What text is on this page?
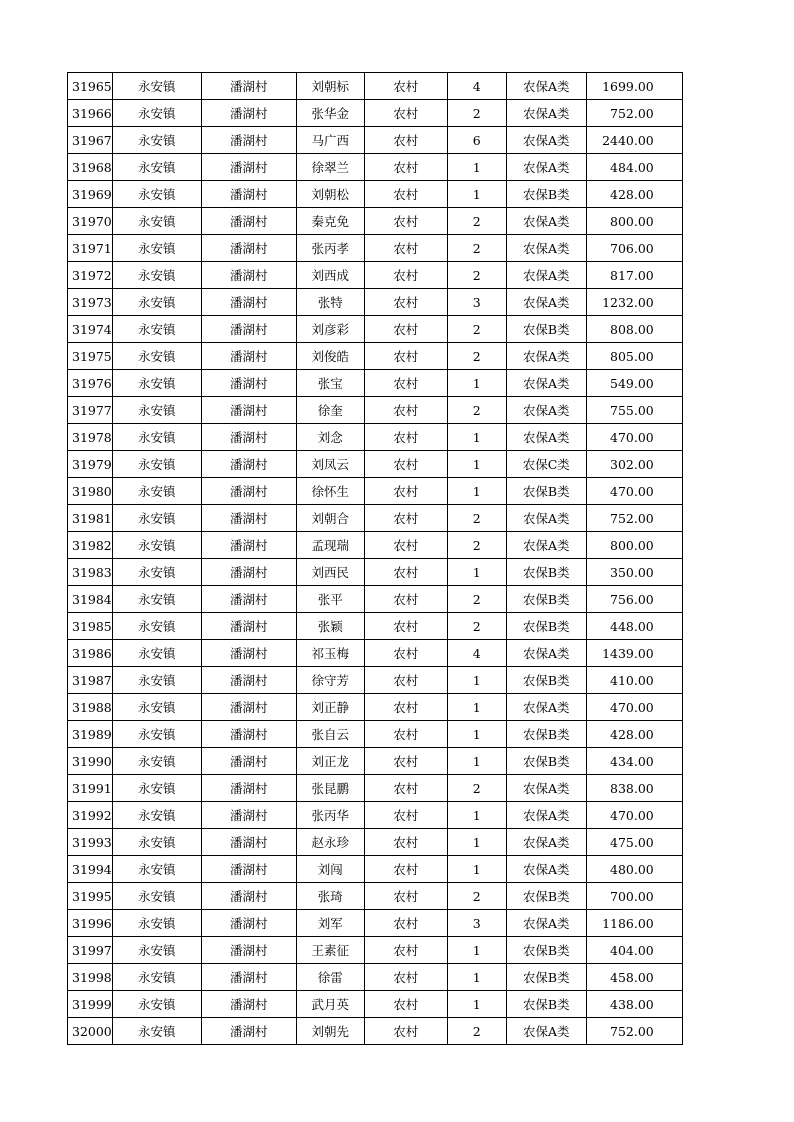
31965	永安镇	潘湖村	刘朝标	农村	4	农保A类	1699.00
31966	永安镇	潘湖村	张华金	农村	2	农保A类	752.00
31967	永安镇	潘湖村	马广西	农村	6	农保A类	2440.00
31968	永安镇	潘湖村	徐翠兰	农村	1	农保A类	484.00
31969	永安镇	潘湖村	刘朝松	农村	1	农保B类	428.00
31970	永安镇	潘湖村	秦克免	农村	2	农保A类	800.00
31971	永安镇	潘湖村	张丙孝	农村	2	农保A类	706.00
31972	永安镇	潘湖村	刘西成	农村	2	农保A类	817.00
31973	永安镇	潘湖村	张特	农村	3	农保A类	1232.00
31974	永安镇	潘湖村	刘彦彩	农村	2	农保B类	808.00
31975	永安镇	潘湖村	刘俊皓	农村	2	农保A类	805.00
31976	永安镇	潘湖村	张宝	农村	1	农保A类	549.00
31977	永安镇	潘湖村	徐奎	农村	2	农保A类	755.00
31978	永安镇	潘湖村	刘念	农村	1	农保A类	470.00
31979	永安镇	潘湖村	刘凤云	农村	1	农保C类	302.00
31980	永安镇	潘湖村	徐怀生	农村	1	农保B类	470.00
31981	永安镇	潘湖村	刘朝合	农村	2	农保A类	752.00
31982	永安镇	潘湖村	孟现瑞	农村	2	农保A类	800.00
31983	永安镇	潘湖村	刘西民	农村	1	农保B类	350.00
31984	永安镇	潘湖村	张平	农村	2	农保B类	756.00
31985	永安镇	潘湖村	张颖	农村	2	农保B类	448.00
31986	永安镇	潘湖村	祁玉梅	农村	4	农保A类	1439.00
31987	永安镇	潘湖村	徐守芳	农村	1	农保B类	410.00
31988	永安镇	潘湖村	刘正静	农村	1	农保A类	470.00
31989	永安镇	潘湖村	张自云	农村	1	农保B类	428.00
31990	永安镇	潘湖村	刘正龙	农村	1	农保B类	434.00
31991	永安镇	潘湖村	张昆鹏	农村	2	农保A类	838.00
31992	永安镇	潘湖村	张丙华	农村	1	农保A类	470.00
31993	永安镇	潘湖村	赵永珍	农村	1	农保A类	475.00
31994	永安镇	潘湖村	刘闯	农村	1	农保A类	480.00
31995	永安镇	潘湖村	张琦	农村	2	农保B类	700.00
31996	永安镇	潘湖村	刘军	农村	3	农保A类	1186.00
31997	永安镇	潘湖村	王素征	农村	1	农保B类	404.00
31998	永安镇	潘湖村	徐雷	农村	1	农保B类	458.00
31999	永安镇	潘湖村	武月英	农村	1	农保B类	438.00
32000	永安镇	潘湖村	刘朝先	农村	2	农保A类	752.00
